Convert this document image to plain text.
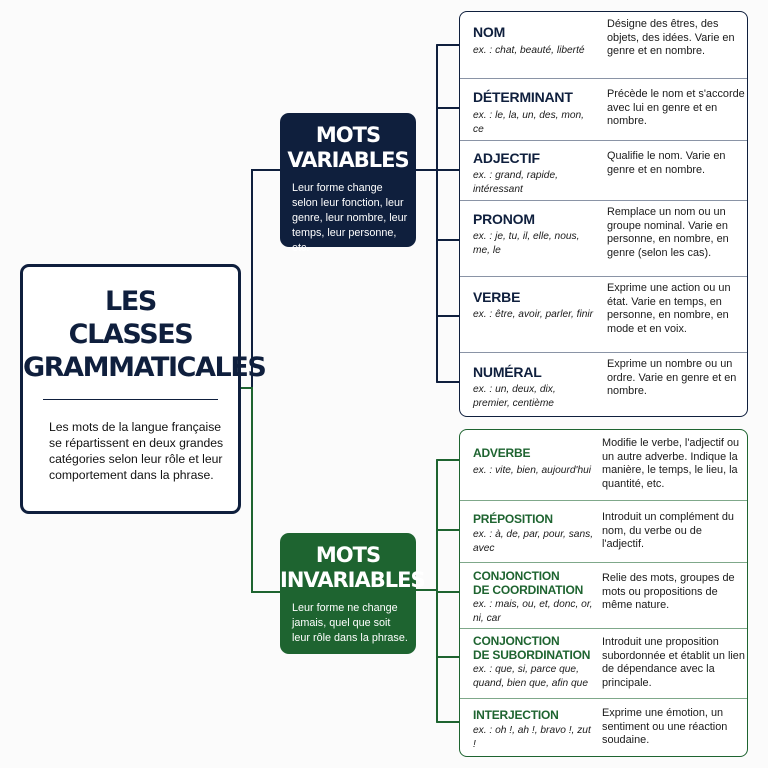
LES
CLASSES
GRAMMATICALES
Les mots de la langue française se répartissent en deux grandes catégories selon leur rôle et leur comportement dans la phrase.
MOTS
VARIABLES
Leur forme change selon leur fonction, leur genre, leur nombre, leur temps, leur personne, etc.
MOTS
INVARIABLES
Leur forme ne change jamais, quel que soit leur rôle dans la phrase.
NOM
ex. : chat, beauté, liberté
Désigne des êtres, des objets, des idées. Varie en genre et en nombre.
DÉTERMINANT
ex. : le, la, un, des, mon, ce
Précède le nom et s'accorde avec lui en genre et en nombre.
ADJECTIF
ex. : grand, rapide, intéressant
Qualifie le nom. Varie en genre et en nombre.
PRONOM
ex. : je, tu, il, elle, nous, me, le
Remplace un nom ou un groupe nominal. Varie en personne, en nombre, en genre (selon les cas).
VERBE
ex. : être, avoir, parler, finir
Exprime une action ou un état. Varie en temps, en personne, en nombre, en mode et en voix.
NUMÉRAL
ex. : un, deux, dix, premier, centième
Exprime un nombre ou un ordre. Varie en genre et en nombre.
ADVERBE
ex. : vite, bien, aujourd'hui
Modifie le verbe, l'adjectif ou un autre adverbe. Indique la manière, le temps, le lieu, la quantité, etc.
PRÉPOSITION
ex. : à, de, par, pour, sans, avec
Introduit un complément du nom, du verbe ou de l'adjectif.
CONJONCTION
DE COORDINATION
ex. : mais, ou, et, donc, or, ni, car
Relie des mots, groupes de mots ou propositions de même nature.
CONJONCTION
DE SUBORDINATION
ex. : que, si, parce que, quand, bien que, afin que
Introduit une proposition subordonnée et établit un lien de dépendance avec la principale.
INTERJECTION
ex. : oh !, ah !, bravo !, zut !
Exprime une émotion, un sentiment ou une réaction soudaine.
